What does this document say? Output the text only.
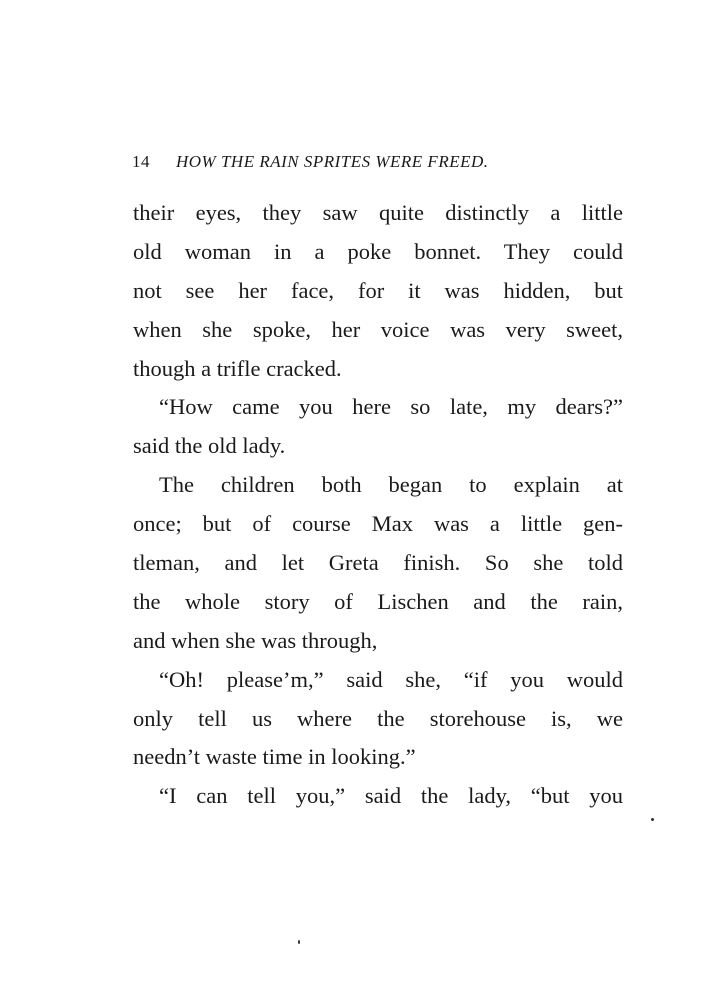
14 HOW THE RAIN SPRITES WERE FREED.
their eyes, they saw quite distinctly a little
old woman in a poke bonnet. They could
not see her face, for it was hidden, but
when she spoke, her voice was very sweet,
though a trifle cracked.
“How came you here so late, my dears?”
said the old lady.
The children both began to explain at
once; but of course Max was a little gen-
tleman, and let Greta finish. So she told
the whole story of Lischen and the rain,
and when she was through,
“Oh! please’m,” said she, “if you would
only tell us where the storehouse is, we
needn’t waste time in looking.”
“I can tell you,” said the lady, “but you
